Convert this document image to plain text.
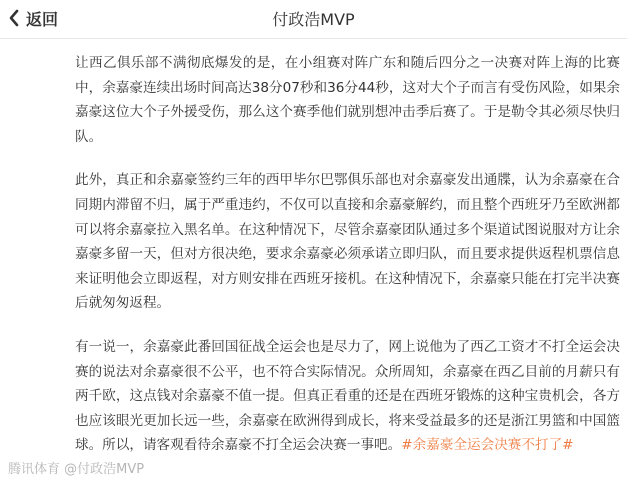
返回	付政浩MVP

让西乙俱乐部不满彻底爆发的是，在小组赛对阵广东和随后四分之一决赛对阵上海的比赛中，余嘉豪连续出场时间高达38分07秒和36分44秒，这对大个子而言有受伤风险，如果余嘉豪这位大个子外援受伤，那么这个赛季他们就别想冲击季后赛了。于是勒令其必须尽快归队。

此外，真正和余嘉豪签约三年的西甲毕尔巴鄂俱乐部也对余嘉豪发出通牒，认为余嘉豪在合同期内滞留不归，属于严重违约，不仅可以直接和余嘉豪解约，而且整个西班牙乃至欧洲都可以将余嘉豪拉入黑名单。在这种情况下，尽管余嘉豪团队通过多个渠道试图说服对方让余嘉豪多留一天，但对方很决绝，要求余嘉豪必须承诺立即归队，而且要求提供返程机票信息来证明他会立即返程，对方则安排在西班牙接机。在这种情况下，余嘉豪只能在打完半决赛后就匆匆返程。

有一说一，余嘉豪此番回国征战全运会也是尽力了，网上说他为了西乙工资才不打全运会决赛的说法对余嘉豪很不公平，也不符合实际情况。众所周知，余嘉豪在西乙目前的月薪只有两千欧，这点钱对余嘉豪不值一提。但真正看重的还是在西班牙锻炼的这种宝贵机会，各方也应该眼光更加长远一些，余嘉豪在欧洲得到成长，将来受益最多的还是浙江男篮和中国篮球。所以，请客观看待余嘉豪不打全运会决赛一事吧。#余嘉豪全运会决赛不打了#

腾讯体育 @付政浩MVP
